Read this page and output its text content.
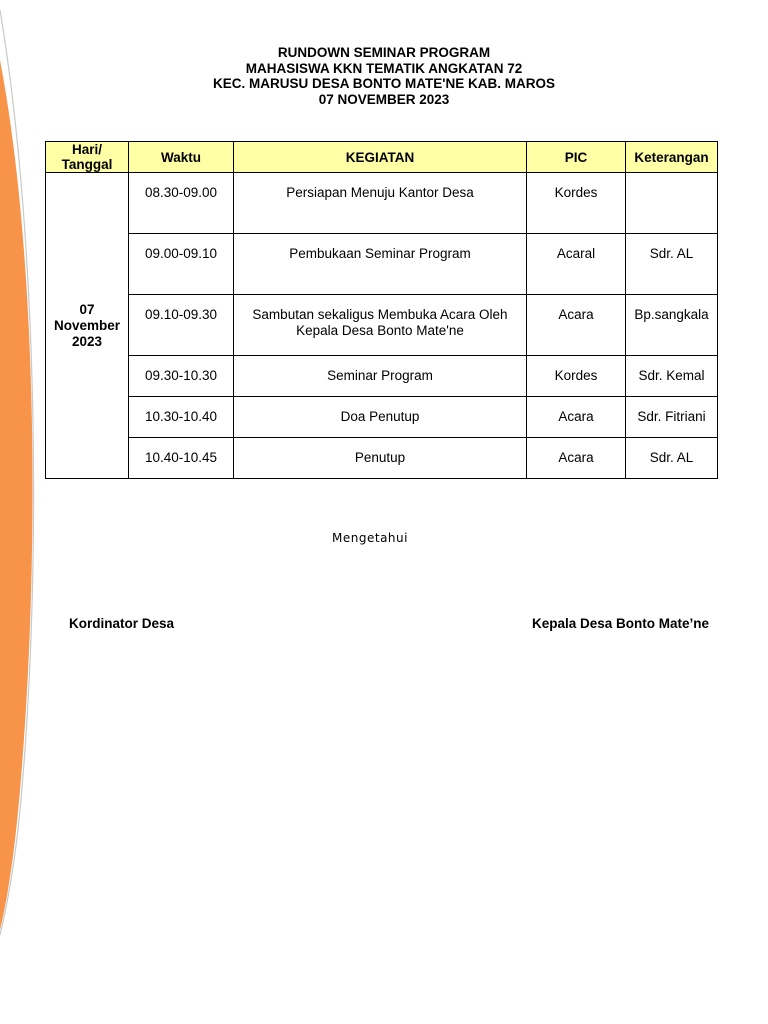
RUNDOWN SEMINAR PROGRAM
MAHASISWA KKN TEMATIK ANGKATAN 72
KEC. MARUSU DESA BONTO MATE'NE KAB. MAROS
07 NOVEMBER 2023
Hari/
Tanggal	Waktu	KEGIATAN	PIC	Keterangan
07
November
2023	08.30-09.00	Persiapan Menuju Kantor Desa	Kordes	
	09.00-09.10	Pembukaan Seminar Program	Acaral	Sdr. AL
	09.10-09.30	Sambutan sekaligus Membuka Acara Oleh Kepala Desa Bonto Mate'ne	Acara	Bp.sangkala
	09.30-10.30	Seminar Program	Kordes	Sdr. Kemal
	10.30-10.40	Doa Penutup	Acara	Sdr. Fitriani
	10.40-10.45	Penutup	Acara	Sdr. AL
Mengetahui
Kordinator Desa	Kepala Desa Bonto Mate’ne
